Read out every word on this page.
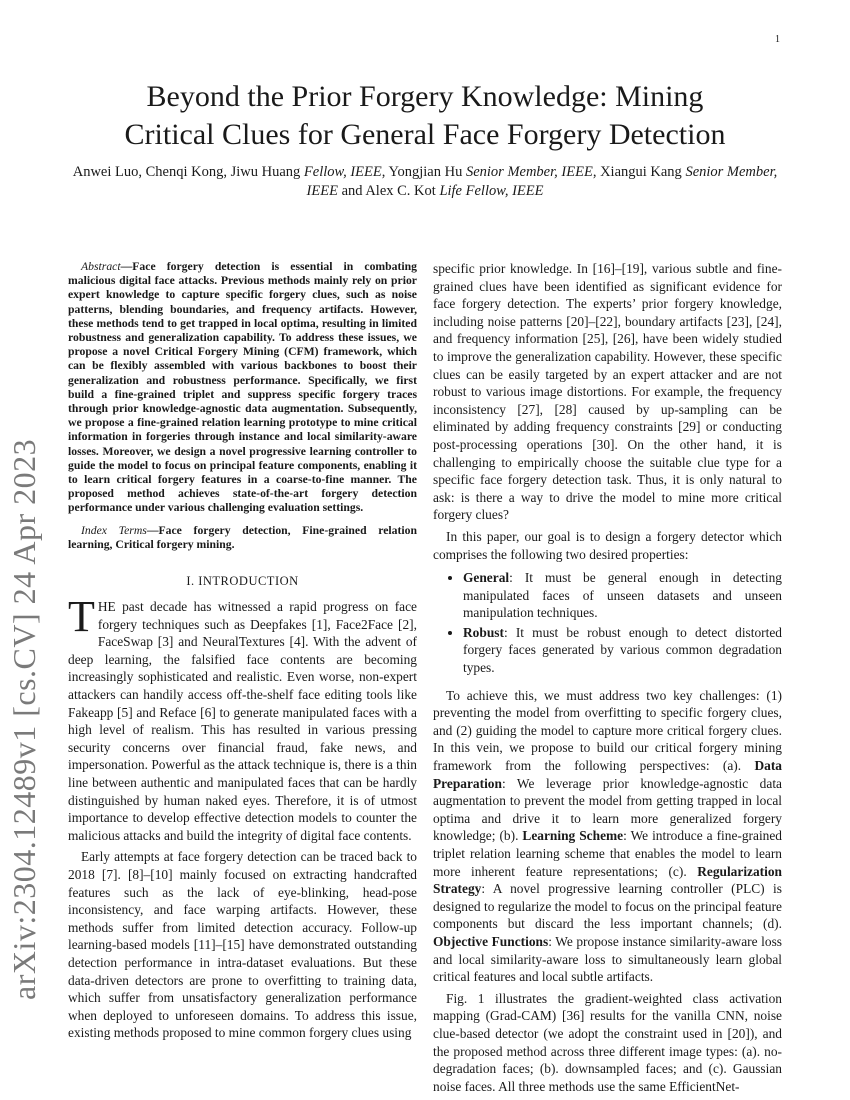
1
arXiv:2304.12489v1 [cs.CV] 24 Apr 2023
Beyond the Prior Forgery Knowledge: Mining
Critical Clues for General Face Forgery Detection
Anwei Luo, Chenqi Kong, Jiwu Huang Fellow, IEEE, Yongjian Hu Senior Member, IEEE, Xiangui Kang Senior Member, IEEE and Alex C. Kot Life Fellow, IEEE

Abstract—Face forgery detection is essential in combating malicious digital face attacks. Previous methods mainly rely on prior expert knowledge to capture specific forgery clues, such as noise patterns, blending boundaries, and frequency artifacts. However, these methods tend to get trapped in local optima, resulting in limited robustness and generalization capability. To address these issues, we propose a novel Critical Forgery Mining (CFM) framework, which can be flexibly assembled with various backbones to boost their generalization and robustness performance. Specifically, we first build a fine-grained triplet and suppress specific forgery traces through prior knowledge-agnostic data augmentation. Subsequently, we propose a fine-grained relation learning prototype to mine critical information in forgeries through instance and local similarity-aware losses. Moreover, we design a novel progressive learning controller to guide the model to focus on principal feature components, enabling it to learn critical forgery features in a coarse-to-fine manner. The proposed method achieves state-of-the-art forgery detection performance under various challenging evaluation settings.

Index Terms—Face forgery detection, Fine-grained relation learning, Critical forgery mining.

I. INTRODUCTION

THE past decade has witnessed a rapid progress on face forgery techniques such as Deepfakes [1], Face2Face [2], FaceSwap [3] and NeuralTextures [4]. With the advent of deep learning, the falsified face contents are becoming increasingly sophisticated and realistic. Even worse, non-expert attackers can handily access off-the-shelf face editing tools like Fakeapp [5] and Reface [6] to generate manipulated faces with a high level of realism. This has resulted in various pressing security concerns over financial fraud, fake news, and impersonation. Powerful as the attack technique is, there is a thin line between authentic and manipulated faces that can be hardly distinguished by human naked eyes. Therefore, it is of utmost importance to develop effective detection models to counter the malicious attacks and build the integrity of digital face contents.

Early attempts at face forgery detection can be traced back to 2018 [7]. [8]–[10] mainly focused on extracting handcrafted features such as the lack of eye-blinking, head-pose inconsistency, and face warping artifacts. However, these methods suffer from limited detection accuracy. Follow-up learning-based models [11]–[15] have demonstrated outstanding detection performance in intra-dataset evaluations. But these data-driven detectors are prone to overfitting to training data, which suffer from unsatisfactory generalization performance when deployed to unforeseen domains. To address this issue, existing methods proposed to mine common forgery clues using

specific prior knowledge. In [16]–[19], various subtle and fine-grained clues have been identified as significant evidence for face forgery detection. The experts’ prior forgery knowledge, including noise patterns [20]–[22], boundary artifacts [23], [24], and frequency information [25], [26], have been widely studied to improve the generalization capability. However, these specific clues can be easily targeted by an expert attacker and are not robust to various image distortions. For example, the frequency inconsistency [27], [28] caused by up-sampling can be eliminated by adding frequency constraints [29] or conducting post-processing operations [30]. On the other hand, it is challenging to empirically choose the suitable clue type for a specific face forgery detection task. Thus, it is only natural to ask: is there a way to drive the model to mine more critical forgery clues?

In this paper, our goal is to design a forgery detector which comprises the following two desired properties:

• General: It must be general enough in detecting manipulated faces of unseen datasets and unseen manipulation techniques.
• Robust: It must be robust enough to detect distorted forgery faces generated by various common degradation types.

To achieve this, we must address two key challenges: (1) preventing the model from overfitting to specific forgery clues, and (2) guiding the model to capture more critical forgery clues. In this vein, we propose to build our critical forgery mining framework from the following perspectives: (a). Data Preparation: We leverage prior knowledge-agnostic data augmentation to prevent the model from getting trapped in local optima and drive it to learn more generalized forgery knowledge; (b). Learning Scheme: We introduce a fine-grained triplet relation learning scheme that enables the model to learn more inherent feature representations; (c). Regularization Strategy: A novel progressive learning controller (PLC) is designed to regularize the model to focus on the principal feature components but discard the less important channels; (d). Objective Functions: We propose instance similarity-aware loss and local similarity-aware loss to simultaneously learn global critical features and local subtle artifacts.

Fig. 1 illustrates the gradient-weighted class activation mapping (Grad-CAM) [36] results for the vanilla CNN, noise clue-based detector (we adopt the constraint used in [20]), and the proposed method across three different image types: (a). no-degradation faces; (b). downsampled faces; and (c). Gaussian noise faces. All three methods use the same EfficientNet-
